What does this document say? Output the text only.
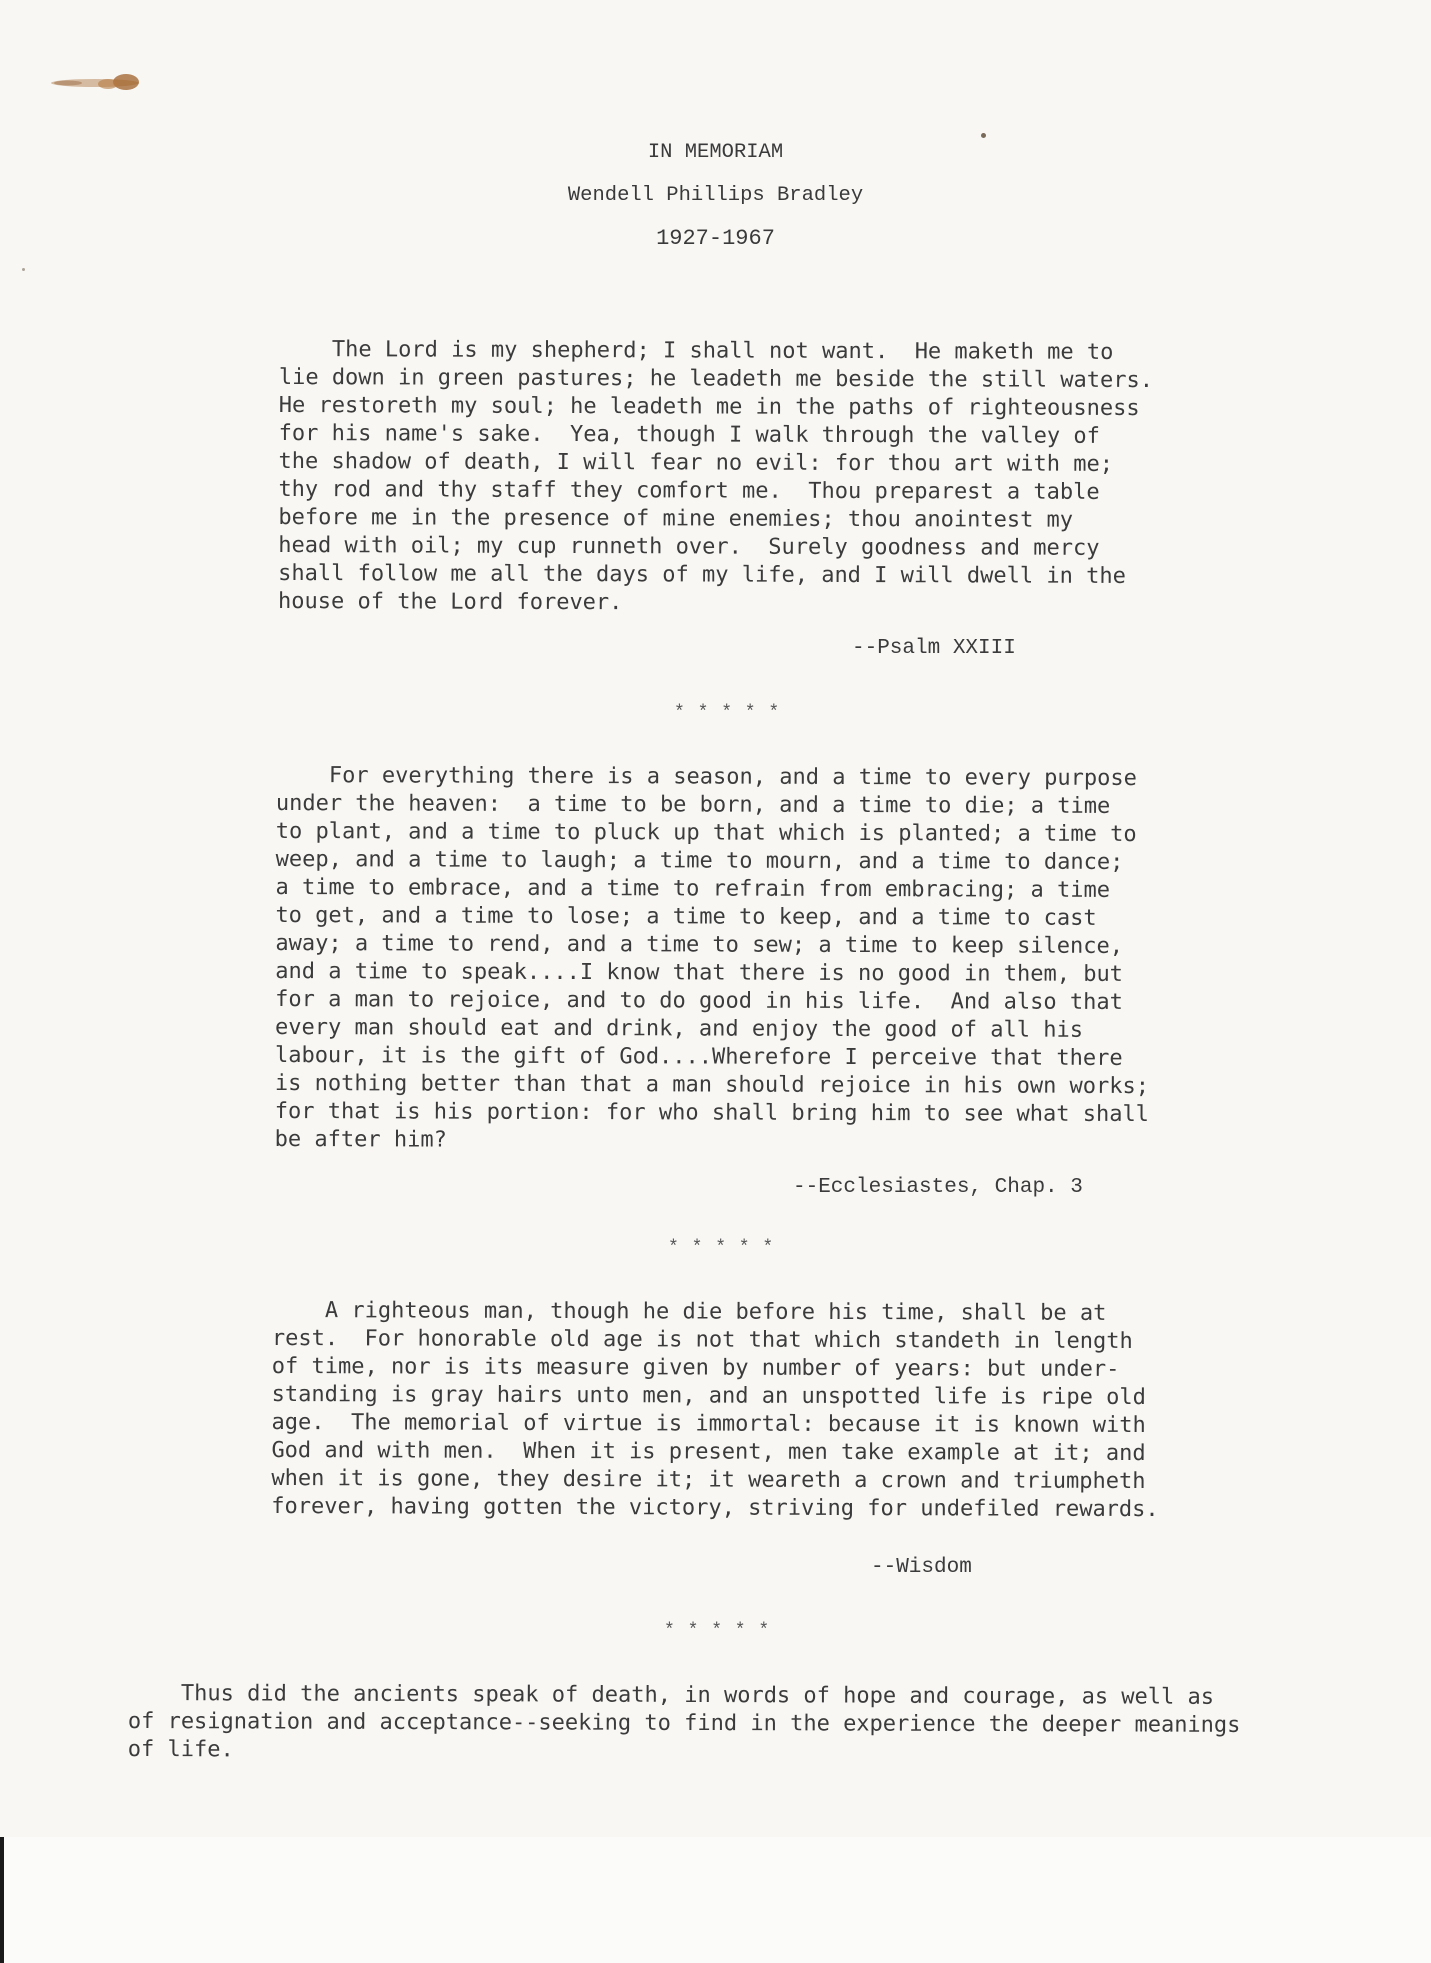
IN MEMORIAM
Wendell Phillips Bradley
1927-1967
The Lord is my shepherd; I shall not want.  He maketh me to
lie down in green pastures; he leadeth me beside the still waters.
He restoreth my soul; he leadeth me in the paths of righteousness
for his name's sake.  Yea, though I walk through the valley of
the shadow of death, I will fear no evil: for thou art with me;
thy rod and thy staff they comfort me.  Thou preparest a table
before me in the presence of mine enemies; thou anointest my
head with oil; my cup runneth over.  Surely goodness and mercy
shall follow me all the days of my life, and I will dwell in the
house of the Lord forever.
--Psalm XXIII
* * * * *
For everything there is a season, and a time to every purpose
under the heaven:  a time to be born, and a time to die; a time
to plant, and a time to pluck up that which is planted; a time to
weep, and a time to laugh; a time to mourn, and a time to dance;
a time to embrace, and a time to refrain from embracing; a time
to get, and a time to lose; a time to keep, and a time to cast
away; a time to rend, and a time to sew; a time to keep silence,
and a time to speak....I know that there is no good in them, but
for a man to rejoice, and to do good in his life.  And also that
every man should eat and drink, and enjoy the good of all his
labour, it is the gift of God....Wherefore I perceive that there
is nothing better than that a man should rejoice in his own works;
for that is his portion: for who shall bring him to see what shall
be after him?
--Ecclesiastes, Chap. 3
* * * * *
A righteous man, though he die before his time, shall be at
rest.  For honorable old age is not that which standeth in length
of time, nor is its measure given by number of years: but under-
standing is gray hairs unto men, and an unspotted life is ripe old
age.  The memorial of virtue is immortal: because it is known with
God and with men.  When it is present, men take example at it; and
when it is gone, they desire it; it weareth a crown and triumpheth
forever, having gotten the victory, striving for undefiled rewards.
--Wisdom
* * * * *
Thus did the ancients speak of death, in words of hope and courage, as well as
of resignation and acceptance--seeking to find in the experience the deeper meanings
of life.
